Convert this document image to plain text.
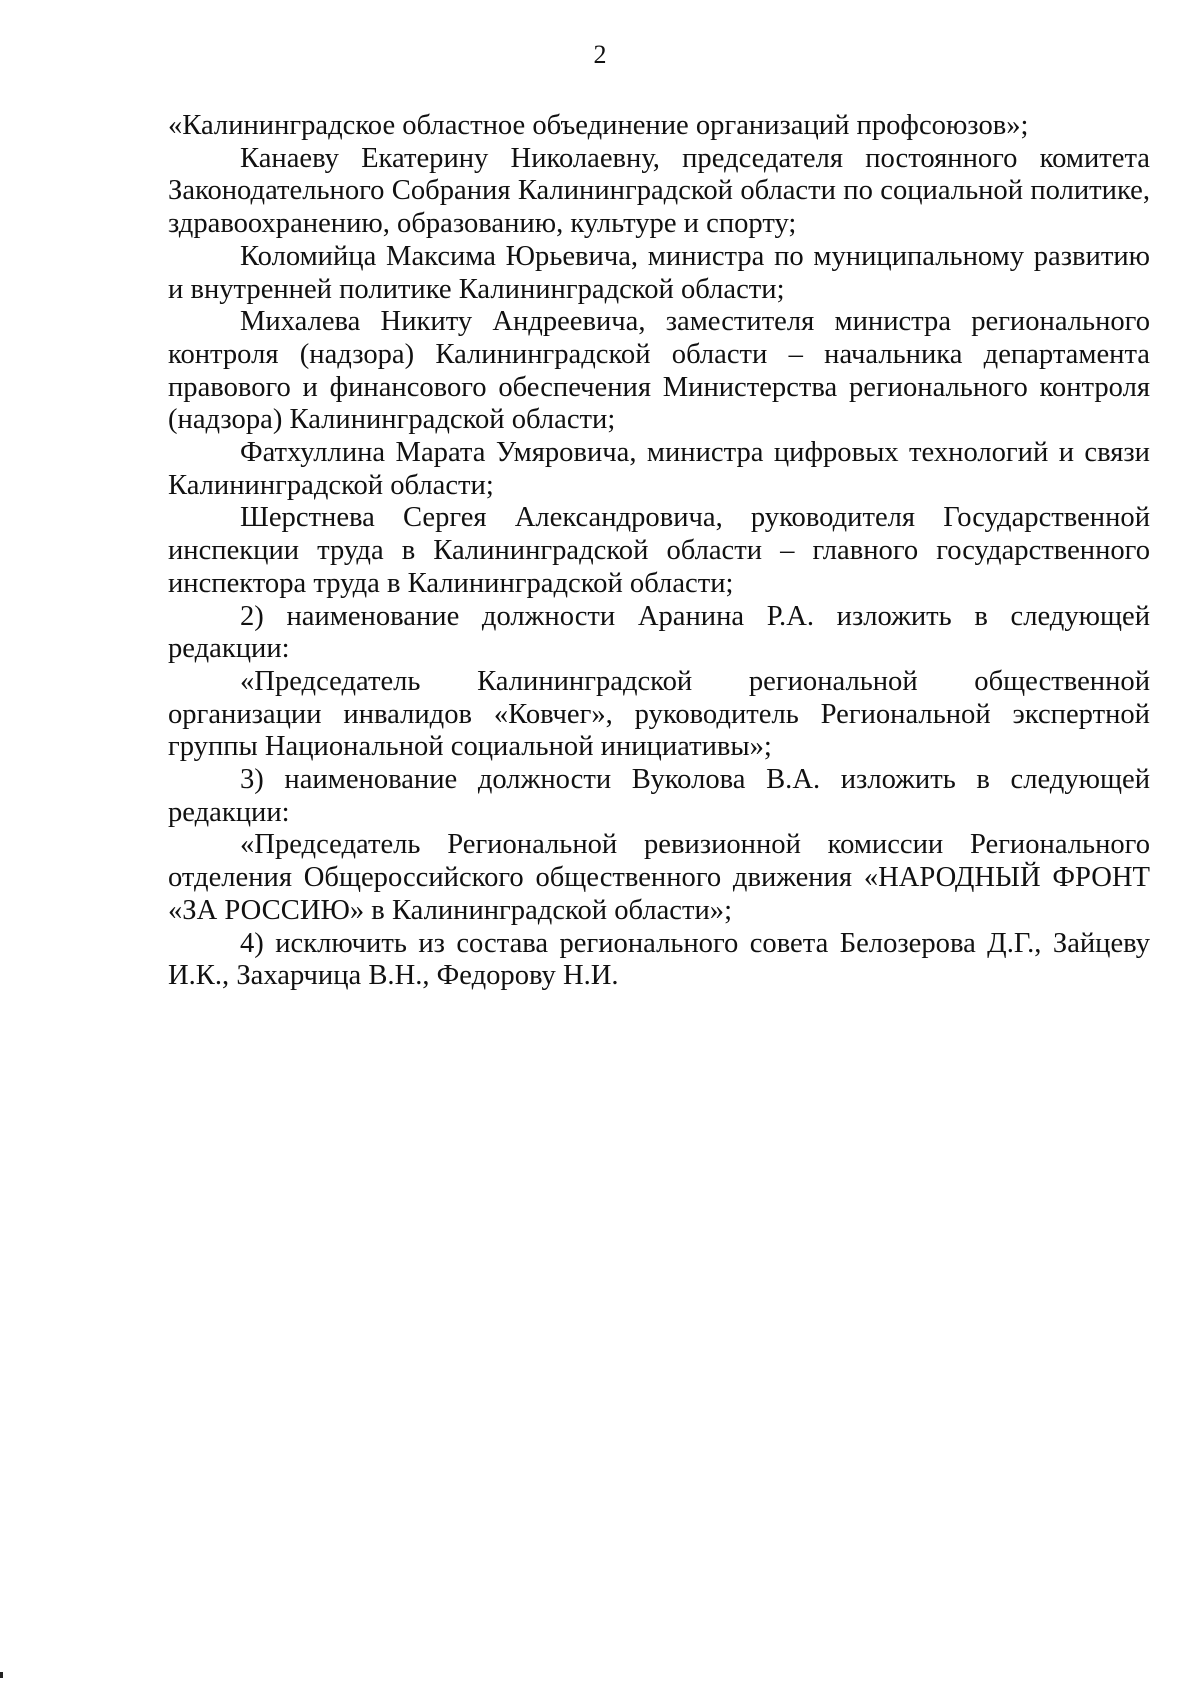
2

«Калининградское областное объединение организаций профсоюзов»;

Канаеву Екатерину Николаевну, председателя постоянного комитета Законодательного Собрания Калининградской области по социальной политике, здравоохранению, образованию, культуре и спорту;

Коломийца Максима Юрьевича, министра по муниципальному развитию и внутренней политике Калининградской области;

Михалева Никиту Андреевича, заместителя министра регионального контроля (надзора) Калининградской области – начальника департамента правового и финансового обеспечения Министерства регионального контроля (надзора) Калининградской области;

Фатхуллина Марата Умяровича, министра цифровых технологий и связи Калининградской области;

Шерстнева Сергея Александровича, руководителя Государственной инспекции труда в Калининградской области – главного государственного инспектора труда в Калининградской области;

2) наименование должности Аранина Р.А. изложить в следующей редакции:

«Председатель Калининградской региональной общественной организации инвалидов «Ковчег», руководитель Региональной экспертной группы Национальной социальной инициативы»;

3) наименование должности Вуколова В.А. изложить в следующей редакции:

«Председатель Региональной ревизионной комиссии Регионального отделения Общероссийского общественного движения «НАРОДНЫЙ ФРОНТ «ЗА РОССИЮ» в Калининградской области»;

4) исключить из состава регионального совета Белозерова Д.Г., Зайцеву И.К., Захарчица В.Н., Федорову Н.И.
